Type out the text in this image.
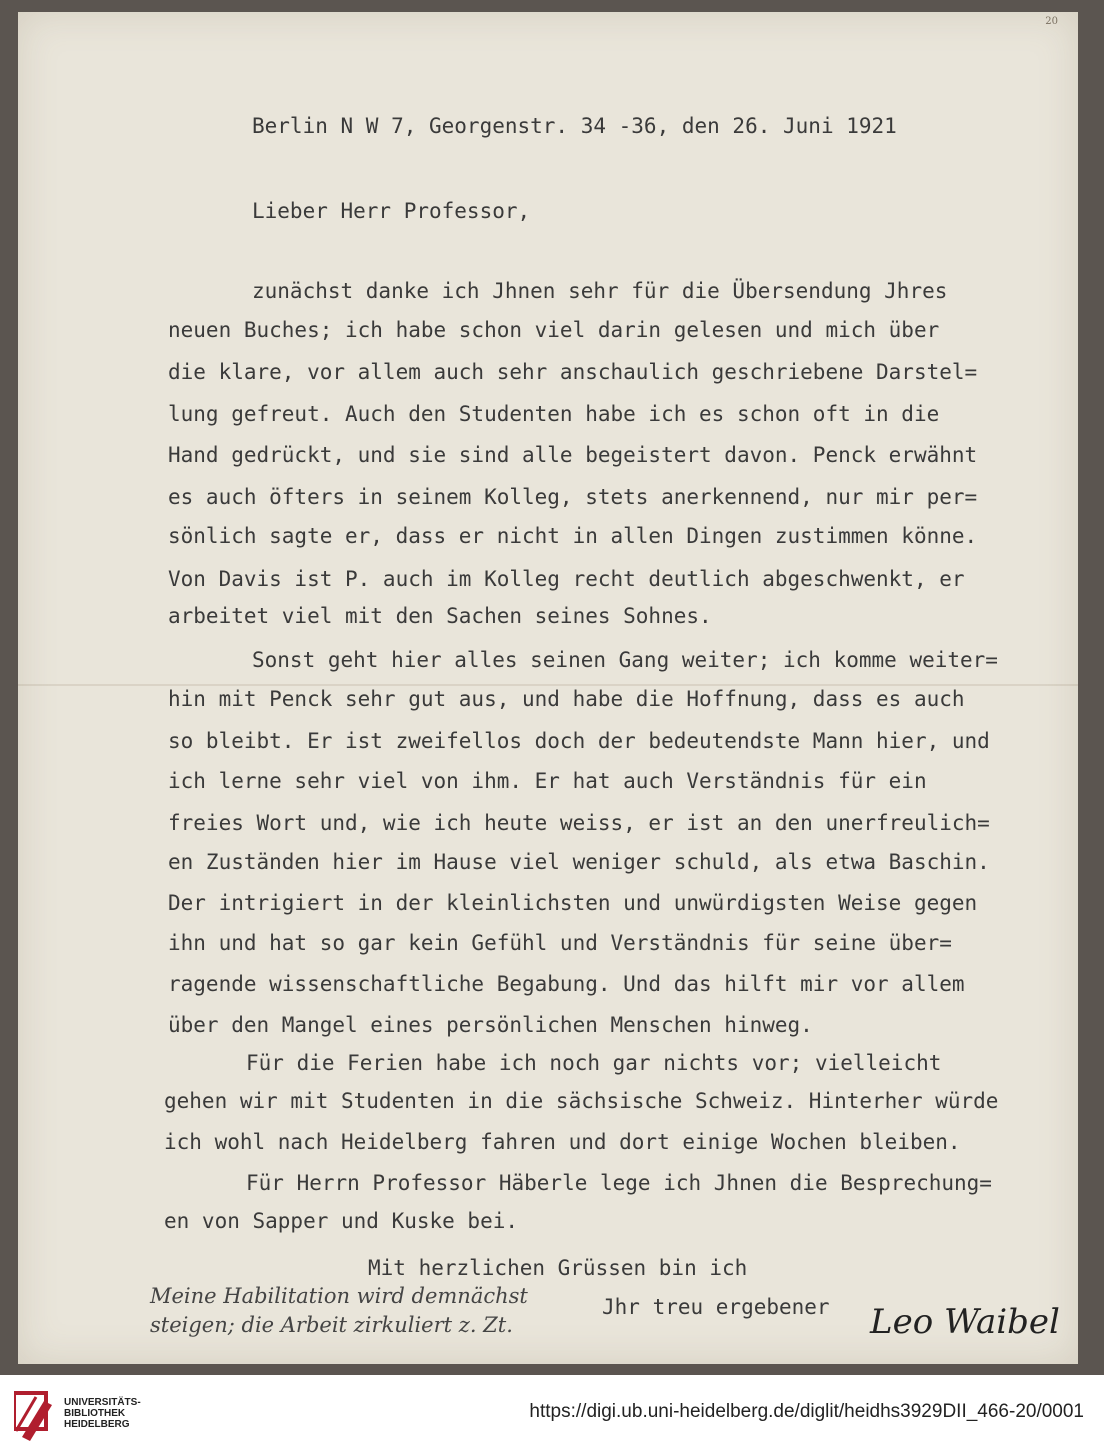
20
Berlin N W 7, Georgenstr. 34 -36, den 26. Juni 1921
Lieber Herr Professor,
zunächst danke ich Jhnen sehr für die Übersendung Jhres
neuen Buches; ich habe schon viel darin gelesen und mich über
die klare, vor allem auch sehr anschaulich geschriebene Darstel=
lung gefreut. Auch den Studenten habe ich es schon oft in die
Hand gedrückt, und sie sind alle begeistert davon. Penck erwähnt
es auch öfters in seinem Kolleg, stets anerkennend, nur mir per=
sönlich sagte er, dass er nicht in allen Dingen zustimmen könne.
Von Davis ist P. auch im Kolleg recht deutlich abgeschwenkt, er
arbeitet viel mit den Sachen seines Sohnes.
Sonst geht hier alles seinen Gang weiter; ich komme weiter=
hin mit Penck sehr gut aus, und habe die Hoffnung, dass es auch
so bleibt. Er ist zweifellos doch der bedeutendste Mann hier, und
ich lerne sehr viel von ihm. Er hat auch Verständnis für ein
freies Wort und, wie ich heute weiss, er ist an den unerfreulich=
en Zuständen hier im Hause viel weniger schuld, als etwa Baschin.
Der intrigiert in der kleinlichsten und unwürdigsten Weise gegen
ihn und hat so gar kein Gefühl und Verständnis für seine über=
ragende wissenschaftliche Begabung. Und das hilft mir vor allem
über den Mangel eines persönlichen Menschen hinweg.
Für die Ferien habe ich noch gar nichts vor; vielleicht
gehen wir mit Studenten in die sächsische Schweiz. Hinterher würde
ich wohl nach Heidelberg fahren und dort einige Wochen bleiben.
Für Herrn Professor Häberle lege ich Jhnen die Besprechung=
en von Sapper und Kuske bei.
Mit herzlichen Grüssen bin ich
Jhr treu ergebener
Meine Habilitation wird demnächst
steigen; die Arbeit zirkuliert z. Zt.	Leo Waibel
UNIVERSITÄTS-
BIBLIOTHEK
HEIDELBERG
https://digi.ub.uni-heidelberg.de/diglit/heidhs3929DII_466-20/0001
